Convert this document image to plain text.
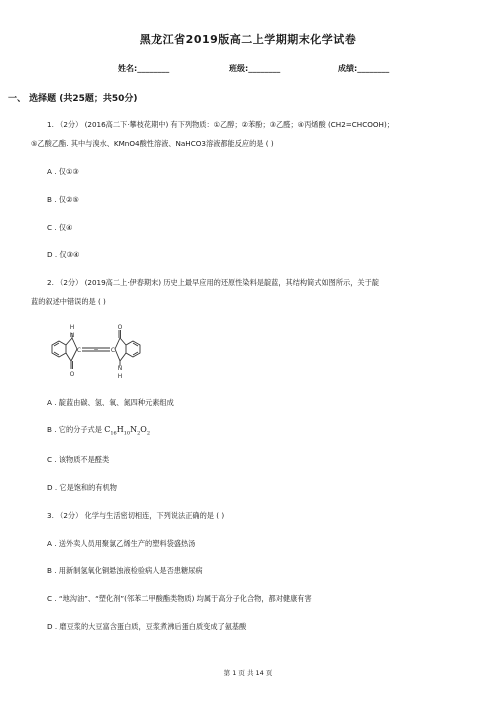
黑龙江省2019版高二上学期期末化学试卷
姓名:________	班级:________	成绩:________
一、 选择题 (共25题；共50分)
1. （2分） (2016高二下·攀枝花期中) 有下列物质：①乙醇；②苯酚；③乙醛；④丙烯酸 (CH2=CHCOOH)；
⑤乙酸乙酯. 其中与溴水、KMnO4酸性溶液、NaHCO3溶液都能反应的是 ( )
A . 仅①③
B . 仅②⑤
C . 仅④
D . 仅③④
2. （2分） (2019高二上·伊春期末) 历史上最早应用的还原性染料是靛蓝，其结构简式如图所示，关于靛
蓝的叙述中错误的是 ( )
H
N
C = C
O
O
N
H
A . 靛蓝由碳、氢、氧、氮四种元素组成
B . 它的分子式是 $C_{16}H_{10}N_2O_2$
C . 该物质不是醛类
D . 它是饱和的有机物
3. （2分） 化学与生活密切相连，下列说法正确的是 ( )
A . 送外卖人员用聚氯乙烯生产的塑料袋盛热汤
B . 用新制氢氧化铜悬浊液检验病人是否患糖尿病
C . “地沟油”、“塑化剂”(邻苯二甲酸酯类物质) 均属于高分子化合物，都对健康有害
D . 磨豆浆的大豆富含蛋白质，豆浆煮沸后蛋白质变成了氨基酸
第 1 页 共 14 页
